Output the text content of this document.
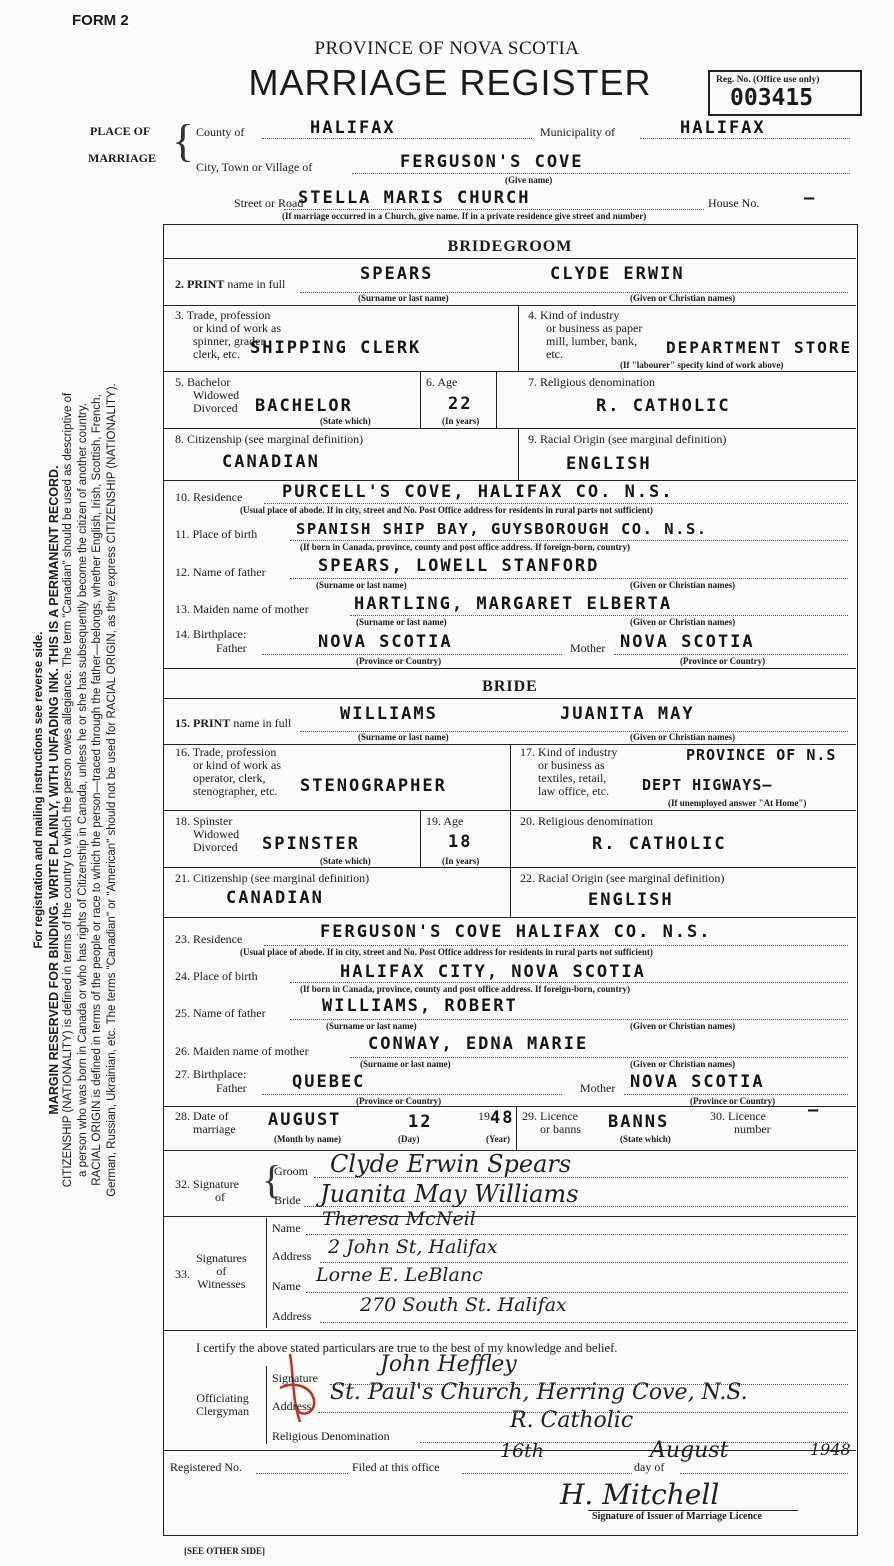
FORM 2
PROVINCE OF NOVA SCOTIA
MARRIAGE REGISTER	Reg. No. (Office use only)
003415
PLACE OF
MARRIAGE { County of	HALIFAX	Municipality of	HALIFAX
City, Town or Village of	FERGUSON'S COVE
(Give name)
Street or Road
STELLA MARIS CHURCH	House No.	—
(If marriage occurred in a Church, give name. If in a private residence give street and number)
BRIDEGROOM
2. PRINT name in full	SPEARS	CLYDE ERWIN
(Surname or last name)	(Given or Christian names)
3. Trade, profession
or kind of work as
spinner, grader,
clerk, etc. SHIPPING CLERK
4. Kind of industry
or business as paper
mill, lumber, bank,
etc.	DEPARTMENT STORE
(If "labourer" specify kind of work above)
5. Bachelor
Widowed
Divorced BACHELOR
(State which)
6. Age
22
(In years)
7. Religious denomination
R. CATHOLIC
8. Citizenship (see marginal definition)
CANADIAN
9. Racial Origin (see marginal definition)
ENGLISH
10. Residence PURCELL'S COVE, HALIFAX CO. N.S.
(Usual place of abode. If in city, street and No. Post Office address for residents in rural parts not sufficient)
11. Place of birth	SPANISH SHIP BAY, GUYSBOROUGH CO. N.S.
(If born in Canada, province, county and post office address. If foreign-born, country)
12. Name of father	SPEARS, LOWELL STANFORD
(Surname or last name)	(Given or Christian names)
13. Maiden name of mother	HARTLING, MARGARET ELBERTA
(Surname or last name)	(Given or Christian names)
14. Birthplace:
Father	NOVA SCOTIA
(Province or Country)
Mother NOVA SCOTIA
(Province or Country)
BRIDE
15. PRINT name in full	WILLIAMS	JUANITA MAY
(Surname or last name)	(Given or Christian names)
16. Trade, profession
or kind of work as
operator, clerk,
stenographer, etc. STENOGRAPHER
17. Kind of industry
or business as
textiles, retail,
law office, etc.
PROVINCE OF N.S
DEPT HIGWAYS—
(If unemployed answer "At Home")
18. Spinster
Widowed
Divorced SPINSTER
(State which)
19. Age
18
(In years)
20. Religious denomination
R. CATHOLIC
21. Citizenship (see marginal definition)
CANADIAN
22. Racial Origin (see marginal definition)
ENGLISH
23. Residence	FERGUSON'S COVE HALIFAX CO. N.S.
(Usual place of abode. If in city, street and No. Post Office address for residents in rural parts not sufficient)
24. Place of birth	HALIFAX CITY, NOVA SCOTIA
(If born in Canada, province, county and post office address. If foreign-born, country)
25. Name of father	WILLIAMS, ROBERT
(Surname or last name)	(Given or Christian names)
26. Maiden name of mother	CONWAY, EDNA MARIE
(Surname or last name)	(Given or Christian names)
27. Birthplace:
Father	QUEBEC
(Province or Country)
Mother NOVA SCOTIA
(Province or Country)
28. Date of
marriage AUGUST	12	19 48
(Month by name)	(Day)	(Year)
29. Licence
or banns BANNS
(State which)
30. Licence
number
—
32. Signature
of {
Groom Clyde Erwin Spears
Bride Juanita May Williams
33.
Signatures
of
Witnesses
Name Theresa McNeil
Address 2 John St, Halifax
Name Lorne E. LeBlanc
Address	270 South St. Halifax
I certify the above stated particulars are true to the best of my knowledge and belief.
Officiating
Clergyman
Signature
John Heffley
Address
St. Paul's Church, Herring Cove, N.S.
Religious Denomination
R. Catholic
Registered No.	Filed at this office
16th
day of
August	1948
H. Mitchell
Signature of Issuer of Marriage Licence
[SEE OTHER SIDE]
For registration and mailing instructions see reverse side. MARGIN RESERVED FOR BINDING. WRITE PLAINLY, WITH UNFADING INK. THIS IS A PERMANENT RECORD. CITIZENSHIP (NATIONALITY) is defined in terms of the country to which the person owes allegiance. The term "Canadian" should be used as descriptive of a person who was born in Canada or who has rights of Citizenship in Canada, unless he or she has subsequently become the citizen of another country. RACIAL ORIGIN is defined in terms of the people or race to which the person—traced through the father—belongs, whether English, Irish, Scottish, French, German, Russian, Ukrainian, etc. The terms "Canadian" or "American" should not be used for RACIAL ORIGIN, as they express CITIZENSHIP (NATIONALITY).
